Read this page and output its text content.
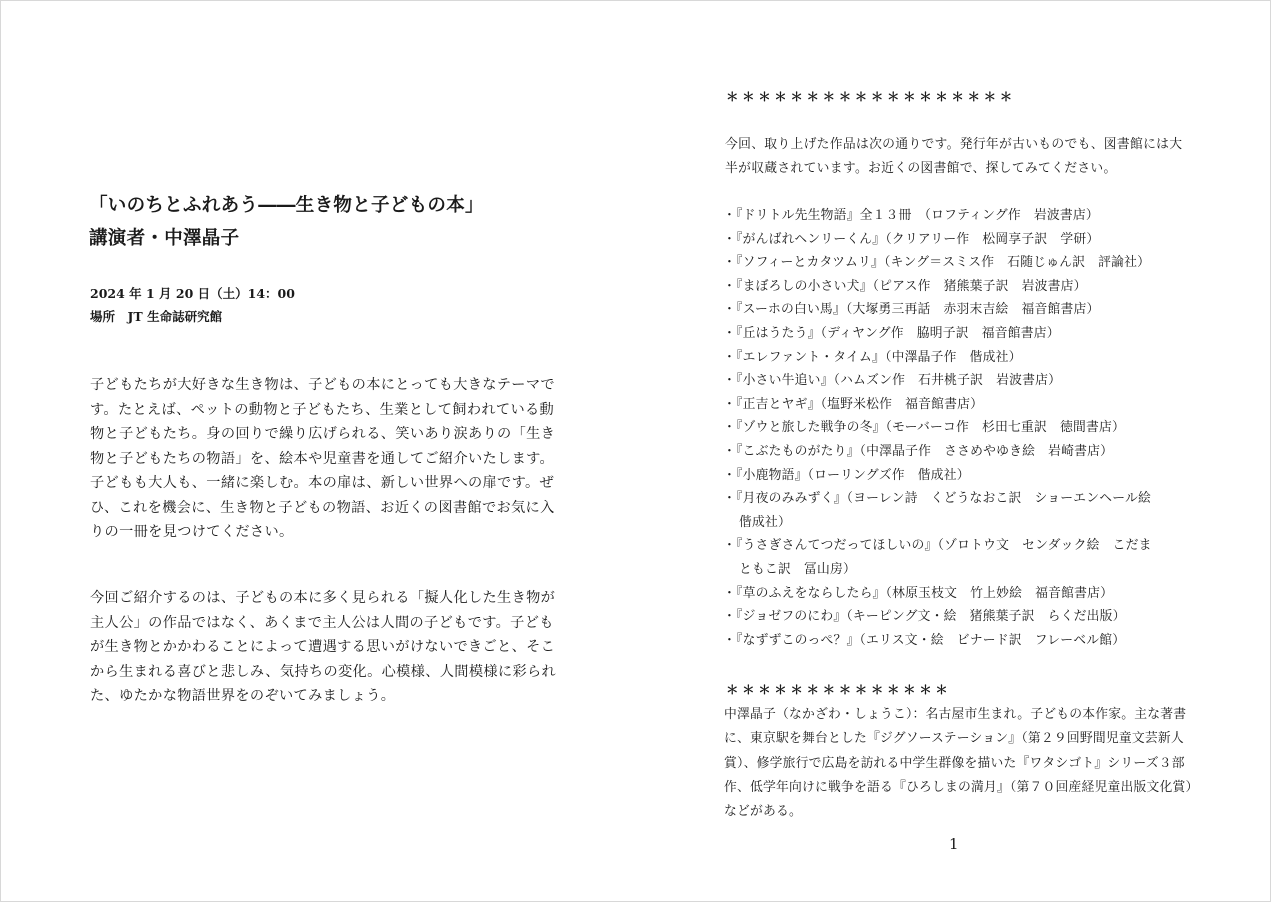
「いのちとふれあう――生き物と子どもの本」
講演者・中澤晶子
2024 年 1 月 20 日（土）14：00
場所　JT 生命誌研究館

子どもたちが大好きな生き物は、子どもの本にとっても大きなテーマです。たとえば、ペットの動物と子どもたち、生業として飼われている動物と子どもたち。身の回りで繰り広げられる、笑いあり涙ありの「生き物と子どもたちの物語」を、絵本や児童書を通してご紹介いたします。子どもも大人も、一緒に楽しむ。本の扉は、新しい世界への扉です。ぜひ、これを機会に、生き物と子どもの物語、お近くの図書館でお気に入りの一冊を見つけてください。

今回ご紹介するのは、子どもの本に多く見られる「擬人化した生き物が主人公」の作品ではなく、あくまで主人公は人間の子どもです。子どもが生き物とかかわることによって遭遇する思いがけないできごと、そこから生まれる喜びと悲しみ、気持ちの変化。心模様、人間模様に彩られた、ゆたかな物語世界をのぞいてみましょう。

＊＊＊＊＊＊＊＊＊＊＊＊＊＊＊＊＊＊

今回、取り上げた作品は次の通りです。発行年が古いものでも、図書館には大半が収蔵されています。お近くの図書館で、探してみてください。

・『ドリトル先生物語』全１３冊　（ロフティング作　岩波書店）
・『がんばれヘンリーくん』（クリアリー作　松岡享子訳　学研）
・『ソフィーとカタツムリ』（キング＝スミス作　石随じゅん訳　評論社）
・『まぼろしの小さい犬』（ピアス作　猪熊葉子訳　岩波書店）
・『スーホの白い馬』（大塚勇三再話　赤羽末吉絵　福音館書店）
・『丘はうたう』（ディヤング作　脇明子訳　福音館書店）
・『エレファント・タイム』（中澤晶子作　偕成社）
・『小さい牛追い』（ハムズン作　石井桃子訳　岩波書店）
・『正吉とヤギ』（塩野米松作　福音館書店）
・『ゾウと旅した戦争の冬』（モーバーコ作　杉田七重訳　徳間書店）
・『こぶたものがたり』（中澤晶子作　ささめやゆき絵　岩崎書店）
・『小鹿物語』（ローリングズ作　偕成社）
・『月夜のみみずく』（ヨーレン詩　くどうなおこ訳　ショーエンヘール絵
偕成社）
・『うさぎさんてつだってほしいの』（ゾロトウ文　センダック絵　こだま
ともこ訳　冨山房）
・『草のふえをならしたら』（林原玉枝文　竹上妙絵　福音館書店）
・『ジョゼフのにわ』（キーピング文・絵　猪熊葉子訳　らくだ出版）
・『なずずこのっぺ？』（エリス文・絵　ビナード訳　フレーベル館）
＊＊＊＊＊＊＊＊＊＊＊＊＊＊

中澤晶子（なかざわ・しょうこ）：名古屋市生まれ。子どもの本作家。主な著書に、東京駅を舞台とした『ジグソーステーション』（第２９回野間児童文芸新人賞）、修学旅行で広島を訪れる中学生群像を描いた『ワタシゴト』シリーズ３部作、低学年向けに戦争を語る『ひろしまの満月』（第７０回産経児童出版文化賞）などがある。

1
